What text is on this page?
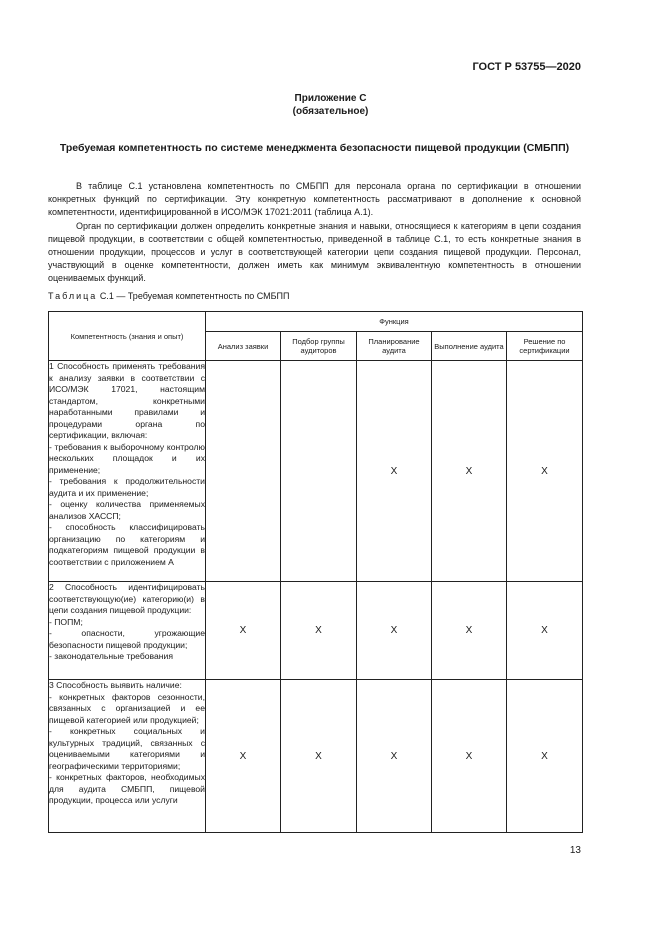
ГОСТ Р 53755—2020
Приложение С
(обязательное)
Требуемая компетентность по системе менеджмента безопасности пищевой продукции (СМБПП)

В таблице С.1 установлена компетентность по СМБПП для персонала органа по сертификации в отношении конкретных функций по сертификации. Эту конкретную компетентность рассматривают в дополнение к основной компетентности, идентифицированной в ИСО/МЭК 17021:2011 (таблица А.1).

Орган по сертификации должен определить конкретные знания и навыки, относящиеся к категориям в цепи создания пищевой продукции, в соответствии с общей компетентностью, приведенной в таблице С.1, то есть конкретные знания в отношении продукции, процессов и услуг в соответствующей категории цепи создания пищевой продукции. Персонал, участвующий в оценке компетентности, должен иметь как минимум эквивалентную компетентность в отношении оцениваемых функций.

Таблица С.1 — Требуемая компетентность по СМБПП
Компетентность (знания и опыт)	Функция				
	Анализ заявки	Подбор группы аудиторов	Планирование аудита	Выполнение аудита	Решение по сертификации
1 Способность применять требования к анализу заявки в соответствии с ИСО/МЭК 17021, настоящим стандартом, конкретными наработанными правилами и процедурами органа по сертификации, включая:
- требования к выборочному контролю нескольких площадок и их применение;
- требования к продолжительности аудита и их применение;
- оценку количества применяемых анализов ХАССП;
- способность классифицировать организацию по категориям и подкатегориям пищевой продукции в соответствии с приложением А			X	X	X
2 Способность идентифицировать соответствующую(ие) категорию(и) в цепи создания пищевой продукции:
- ПОПМ;
- опасности, угрожающие безопасности пищевой продукции;
- законодательные требования	X	X	X	X	X
3 Способность выявить наличие:
- конкретных факторов сезонности, связанных с организацией и ее пищевой категорией или продукцией;
- конкретных социальных и культурных традиций, связанных с оцениваемыми категориями и географическими территориями;
- конкретных факторов, необходимых для аудита СМБПП, пищевой продукции, процесса или услуги	X	X	X	X	X
13
